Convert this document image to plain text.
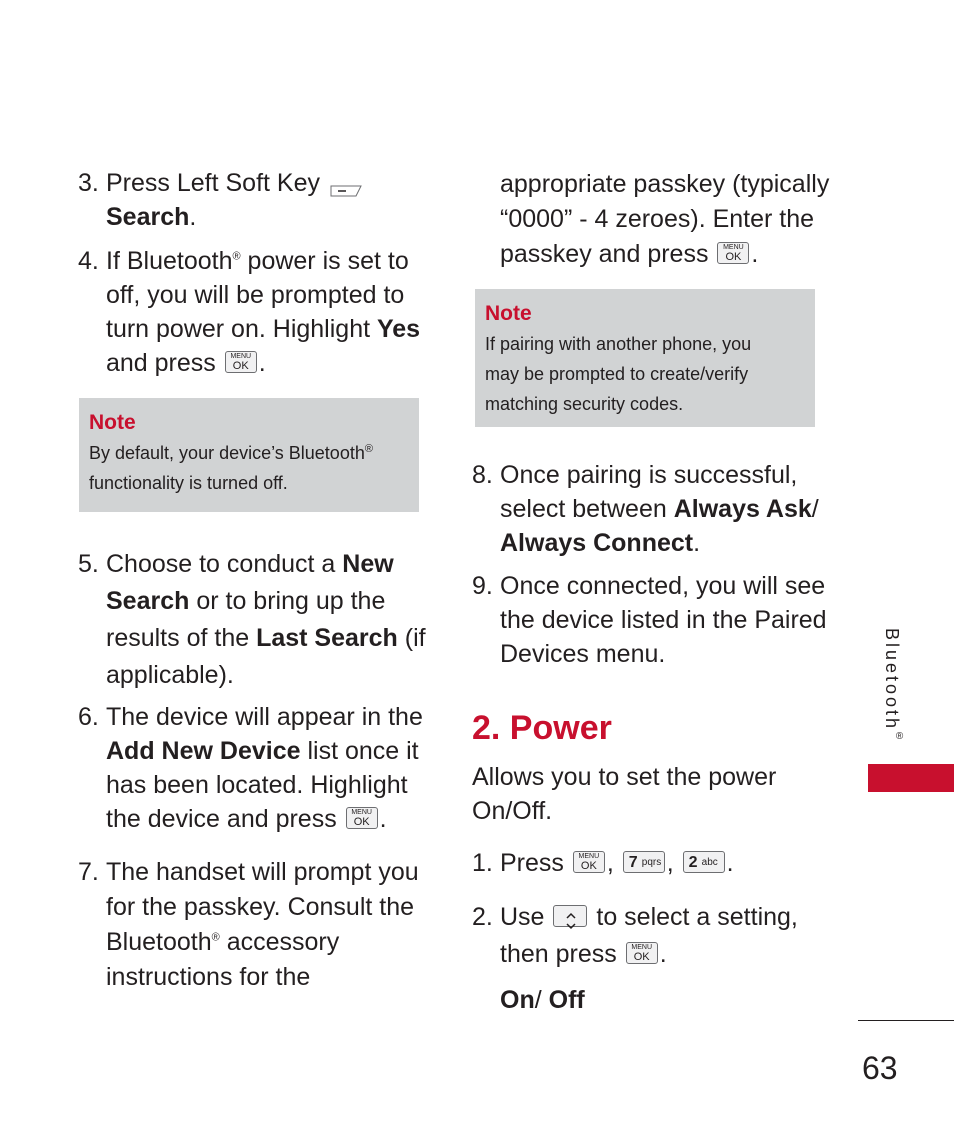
3. Press Left Soft Key
Search.
4. If Bluetooth® power is set to
off, you will be prompted to
turn power on. Highlight Yes
and press	MENU
OK .
Note
By default, your device’s Bluetooth®
functionality is turned off.
5. Choose to conduct a New
Search or to bring up the
results of the Last Search (if
applicable).
6. The device will appear in the
Add New Device list once it
has been located. Highlight
the device and press	MENU
OK .
7. The handset will prompt you
for the passkey. Consult the
Bluetooth® accessory
instructions for the
appropriate passkey (typically
“0000” - 4 zeroes). Enter the
passkey and press	MENU
OK .
Note
If pairing with another phone, you
may be prompted to create/verify
matching security codes.
8. Once pairing is successful,
select between Always Ask/
Always Connect.
9. Once connected, you will see
the device listed in the Paired
Devices menu.
2. Power
Allows you to set the power
On/Off.
1. Press	MENU
OK , 7 pqrs , 2 abc .
2. Use to select a setting,
then press	MENU
OK .

On/ Off
Bluetooth®
63
